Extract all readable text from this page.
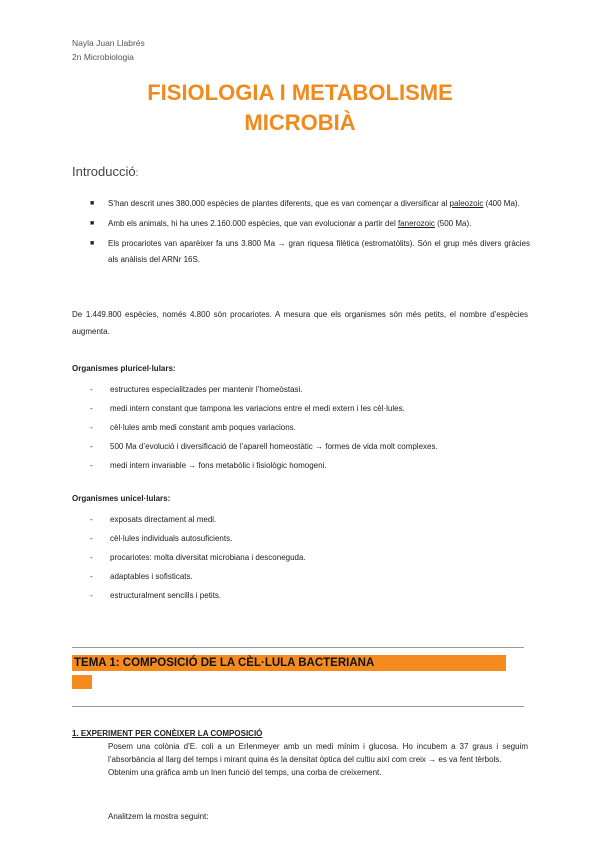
Nayla Juan Llabrés
2n Microbiologia
FISIOLOGIA I METABOLISME
MICROBIÀ
Introducció:
■ S’han descrit unes 380.000 espècies de plantes diferents, que es van començar a diversificar al paleozoic (400 Ma).
■ Amb els animals, hi ha unes 2.160.000 espècies, que van evolucionar a partir del fanerozoic (500 Ma).
■ Els procariotes van aparèixer fa uns 3.800 Ma → gran riquesa filètica (estromatòlits). Són el grup més divers gràcies als anàlisis del ARNr 16S.
De 1.449.800 espècies, només 4.800 són procariotes. A mesura que els organismes són més petits, el nombre d’espècies augmenta.
Organismes pluricel·lulars:
- estructures especialitzades per mantenir l’homeòstasi.
- medi intern constant que tampona les variacions entre el medi extern i les cèl·lules.
- cèl·lules amb medi constant amb poques variacions.
- 500 Ma d’evolució i diversificació de l’aparell homeostàtic → formes de vida molt complexes.
- medi intern invariable → fons metabòlic i fisiològic homogeni.
Organismes unicel·lulars:
- exposats directament al medi.
- cèl·lules individuals autosuficients.
- procariotes: molta diversitat microbiana i desconeguda.
- adaptables i sofisticats.
- estructuralment sencills i petits.
TEMA 1: COMPOSICIÓ DE LA CÈL·LULA BACTERIANA
1. EXPERIMENT PER CONÈIXER LA COMPOSICIÓ
Posem una colònia d’E. coli a un Erlenmeyer amb un medi mínim i glucosa. Ho incubem a 37 graus i seguim l’absorbància al llarg del temps i mirant quina és la densitat òptica del cultiu així com creix → es va fent tèrbols.
Obtenim una gràfica amb un lnen funció del temps, una corba de creixement.
Analitzem la mostra seguint:
